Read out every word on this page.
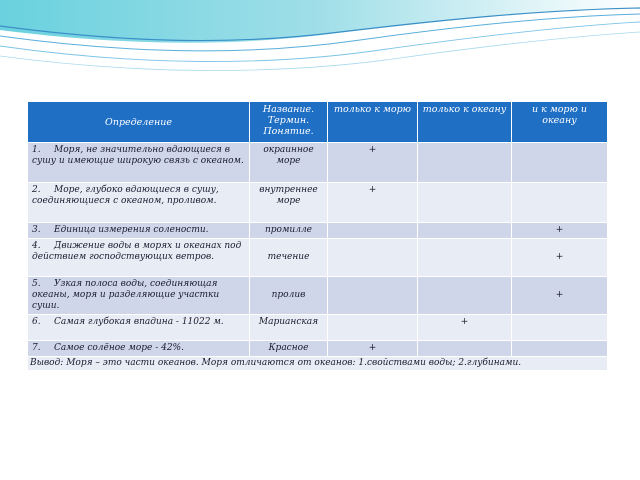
Определение	Название. Термин. Понятие.	только к морю	только к океану	и к морю и океану
1. Моря, не значительно вдающиеся в сушу и имеющие широкую связь с океаном.	окраинное море	+		
2. Море, глубоко вдающиеся в сушу, соединяющиеся с океаном, проливом.	внутреннее море	+		
3. Единица измерения солености.	промилле			+
4. Движение воды в морях и океанах под действием господствующих ветров.	течение			+
5. Узкая полоса воды, соединяющая океаны, моря и разделяющие участки суши.	пролив			+
6. Самая глубокая впадина - 11022 м.	Марианская		+	
7. Самое солёное море - 42%.	Красное	+		
Вывод: Моря – это части океанов. Моря отличаются от океанов: 1.свойствами воды; 2.глубинами.				
